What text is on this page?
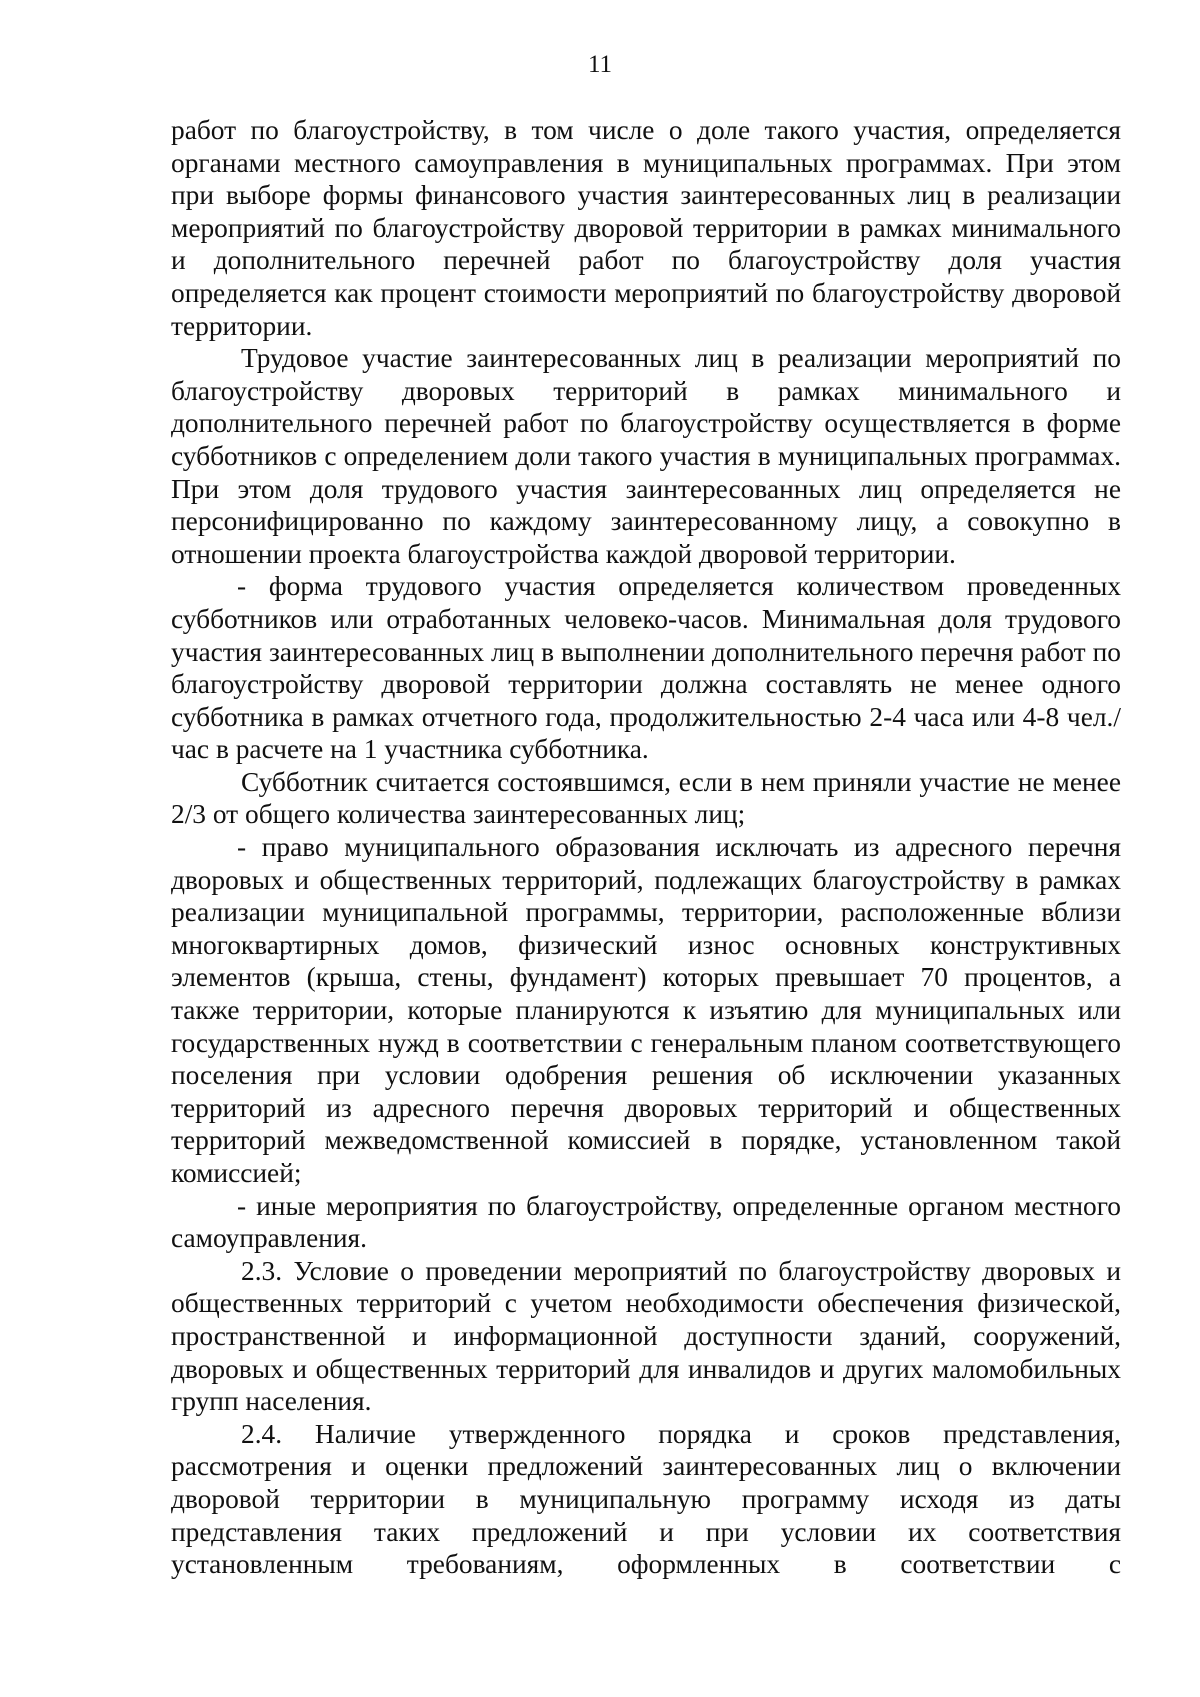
11

работ по благоустройству, в том числе о доле такого участия, определяется органами местного самоуправления в муниципальных программах. При этом при выборе формы финансового участия заинтересованных лиц в реализации мероприятий по благоустройству дворовой территории в рамках минимального и дополнительного перечней работ по благоустройству доля участия определяется как процент стоимости мероприятий по благоустройству дворовой территории.

Трудовое участие заинтересованных лиц в реализации мероприятий по благоустройству дворовых территорий в рамках минимального и дополнительного перечней работ по благоустройству осуществляется в форме субботников с определением доли такого участия в муниципальных программах. При этом доля трудового участия заинтересованных лиц определяется не персонифицированно по каждому заинтересованному лицу, а совокупно в отношении проекта благоустройства каждой дворовой территории.

- форма трудового участия определяется количеством проведенных субботников или отработанных человеко-часов. Минимальная доля трудового участия заинтересованных лиц в выполнении дополнительного перечня работ по благоустройству дворовой территории должна составлять не менее одного субботника в рамках отчетного года, продолжительностью 2-4 часа или 4-8 чел./час в расчете на 1 участника субботника.

Субботник считается состоявшимся, если в нем приняли участие не менее 2/3 от общего количества заинтересованных лиц;

- право муниципального образования исключать из адресного перечня дворовых и общественных территорий, подлежащих благоустройству в рамках реализации муниципальной программы, территории, расположенные вблизи многоквартирных домов, физический износ основных конструктивных элементов (крыша, стены, фундамент) которых превышает 70 процентов, а также территории, которые планируются к изъятию для муниципальных или государственных нужд в соответствии с генеральным планом соответствующего поселения при условии одобрения решения об исключении указанных территорий из адресного перечня дворовых территорий и общественных территорий межведомственной комиссией в порядке, установленном такой комиссией;

- иные мероприятия по благоустройству, определенные органом местного самоуправления.

2.3. Условие о проведении мероприятий по благоустройству дворовых и общественных территорий с учетом необходимости обеспечения физической, пространственной и информационной доступности зданий, сооружений, дворовых и общественных территорий для инвалидов и других маломобильных групп населения.

2.4. Наличие утвержденного порядка и сроков представления, рассмотрения и оценки предложений заинтересованных лиц о включении дворовой территории в муниципальную программу исходя из даты представления таких предложений и при условии их соответствия установленным требованиям, оформленных в соответствии с
